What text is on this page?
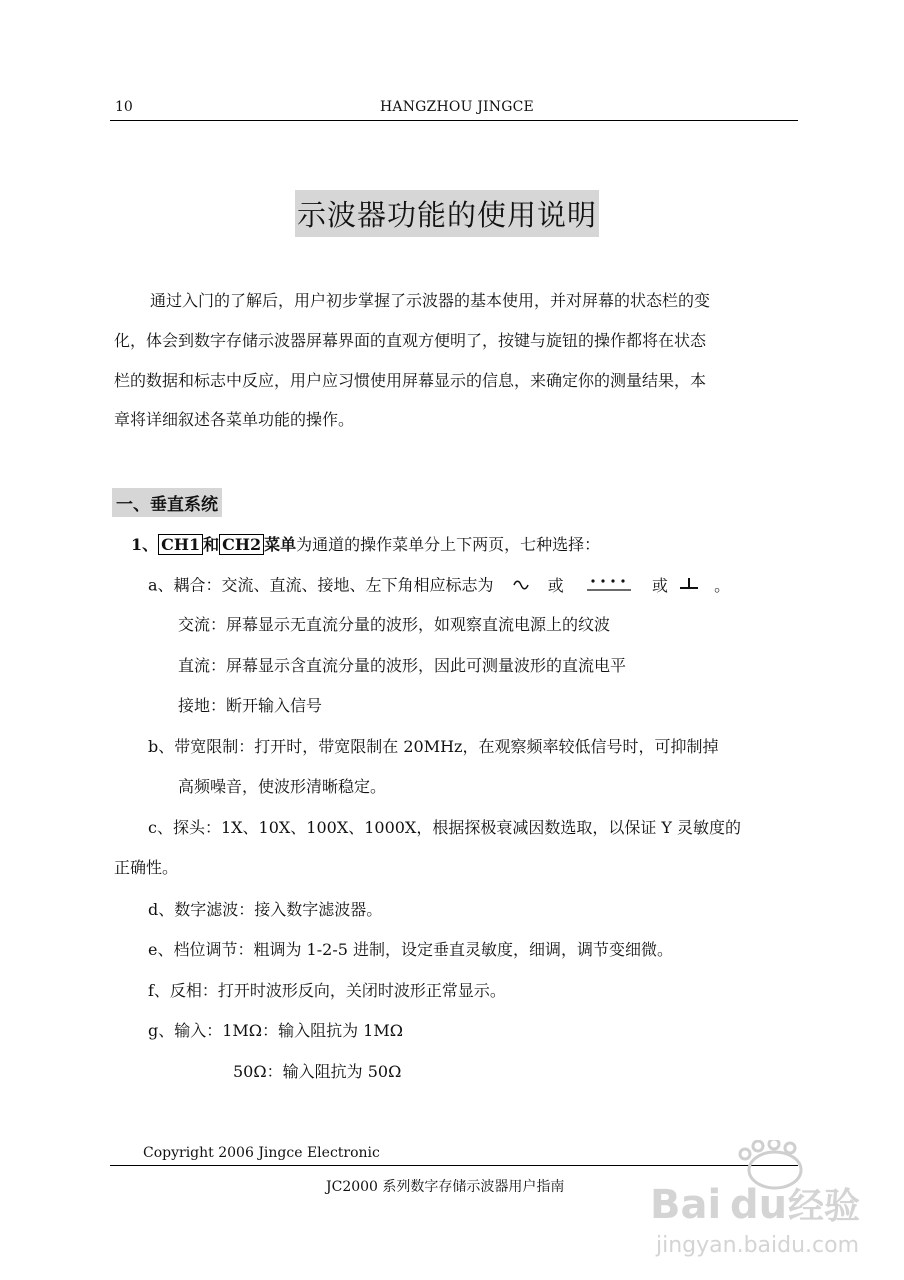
10	HANGZHOU JINGCE
示波器功能的使用说明
通过入门的了解后，用户初步掌握了示波器的基本使用，并对屏幕的状态栏的变
化，体会到数字存储示波器屏幕界面的直观方便明了，按键与旋钮的操作都将在状态
栏的数据和标志中反应，用户应习惯使用屏幕显示的信息，来确定你的测量结果，本
章将详细叙述各菜单功能的操作。
一、垂直系统
1、 CH1 和 CH2 菜单为通道的操作菜单分上下两页，七种选择：
a、耦合：交流、直流、接地、左下角相应标志为	或	或	。
交流：屏幕显示无直流分量的波形，如观察直流电源上的纹波
直流：屏幕显示含直流分量的波形，因此可测量波形的直流电平
接地：断开输入信号
b、带宽限制：打开时，带宽限制在 20MHz，在观察频率较低信号时，可抑制掉
高频噪音，使波形清晰稳定。
c、探头：1X、10X、100X、1000X，根据探极衰减因数选取，以保证 Y 灵敏度的
正确性。
d、数字滤波：接入数字滤波器。
e、档位调节：粗调为 1-2-5 进制，设定垂直灵敏度，细调，调节变细微。
f、反相：打开时波形反向，关闭时波形正常显示。
g、输入：1MΩ：输入阻抗为 1MΩ
50Ω：输入阻抗为 50Ω
Copyright 2006 Jingce Electronic
JC2000 系列数字存储示波器用户指南 Bai du 经验
jingyan.baidu.com
